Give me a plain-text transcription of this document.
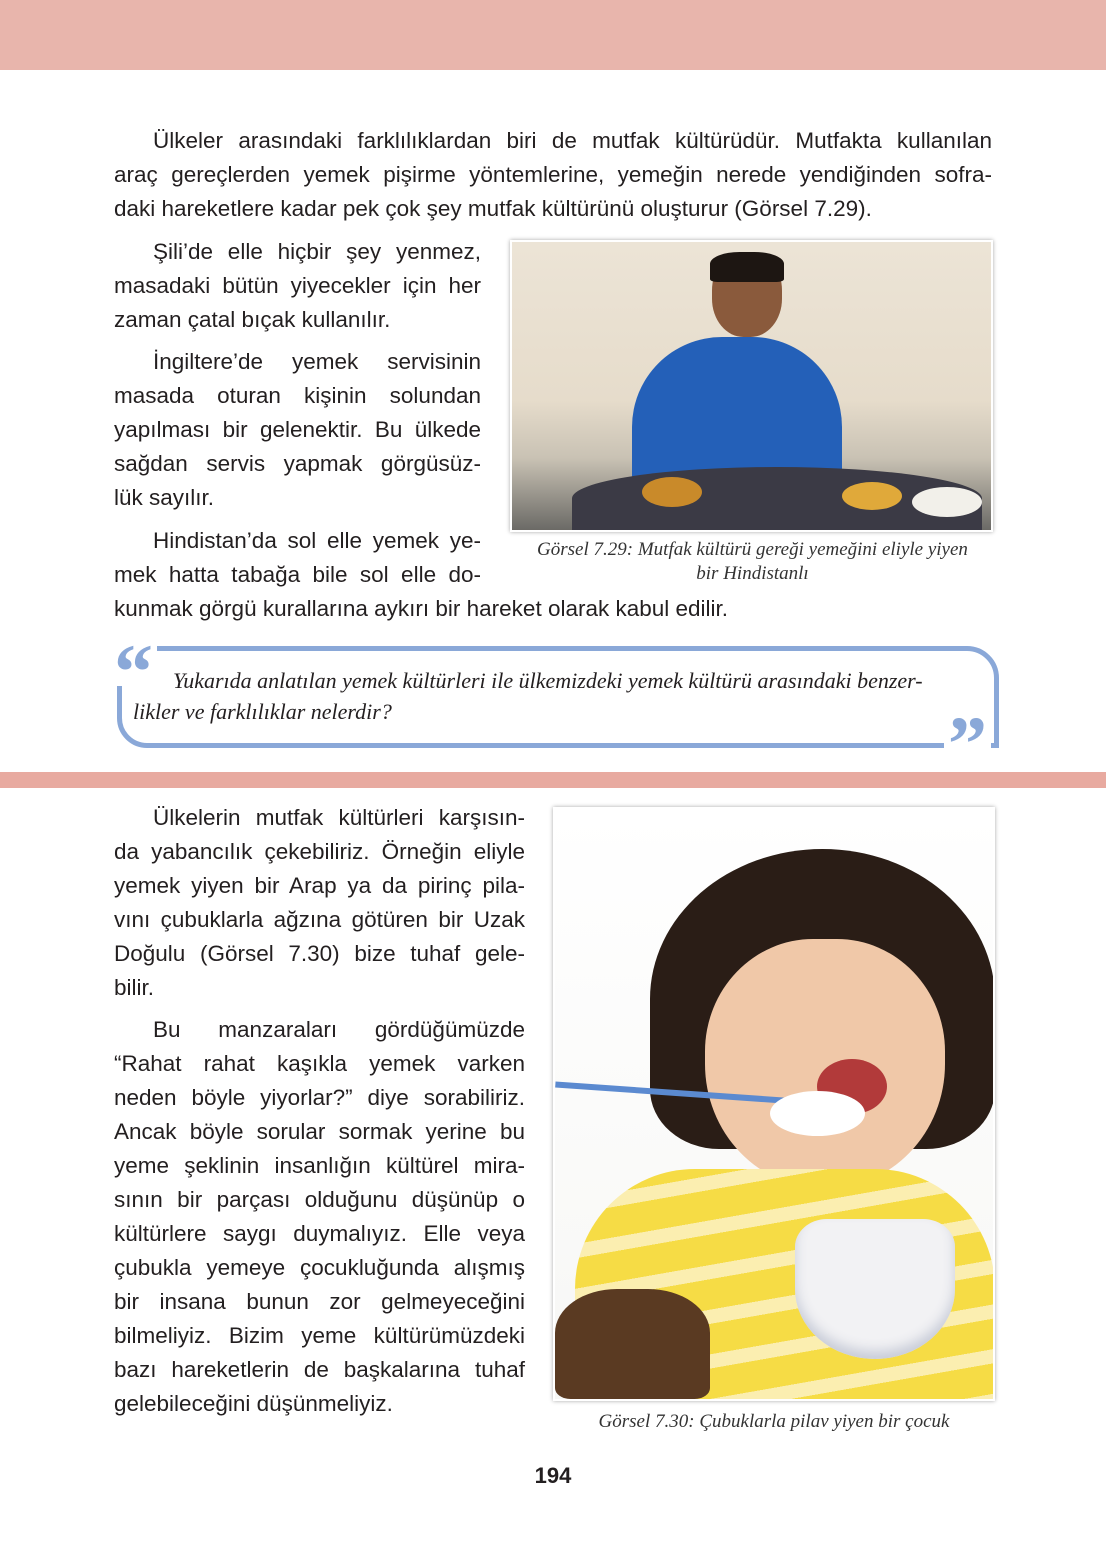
Ülkeler arasındaki farklılıklardan biri de mutfak kültürüdür. Mutfakta kullanılan
araç gereçlerden yemek pişirme yöntemlerine, yemeğin nerede yendiğinden sofra-
daki hareketlere kadar pek çok şey mutfak kültürünü oluşturur (Görsel 7.29).
Şili’de elle hiçbir şey yenmez,
masadaki bütün yiyecekler için her
zaman çatal bıçak kullanılır.
İngiltere’de yemek servisinin
masada oturan kişinin solundan
yapılması bir gelenektir. Bu ülkede
sağdan servis yapmak görgüsüz-
lük sayılır.
Hindistan’da sol elle yemek ye-
mek hatta tabağa bile sol elle do-
kunmak görgü kurallarına aykırı bir hareket olarak kabul edilir.
Görsel 7.29: Mutfak kültürü gereği yemeğini eliyle yiyen
bir Hindistanlı
“
”
Yukarıda anlatılan yemek kültürleri ile ülkemizdeki yemek kültürü arasındaki benzer-
likler ve farklılıklar nelerdir?
Ülkelerin mutfak kültürleri karşısın-
da yabancılık çekebiliriz. Örneğin eliyle
yemek yiyen bir Arap ya da pirinç pila-
vını çubuklarla ağzına götüren bir Uzak
Doğulu (Görsel 7.30) bize tuhaf gele-
bilir.
Bu manzaraları gördüğümüzde
“Rahat rahat kaşıkla yemek varken
neden böyle yiyorlar?” diye sorabiliriz.
Ancak böyle sorular sormak yerine bu
yeme şeklinin insanlığın kültürel mira-
sının bir parçası olduğunu düşünüp o
kültürlere saygı duymalıyız. Elle veya
çubukla yemeye çocukluğunda alışmış
bir insana bunun zor gelmeyeceğini
bilmeliyiz. Bizim yeme kültürümüzdeki
bazı hareketlerin de başkalarına tuhaf
gelebileceğini düşünmeliyiz.
Görsel 7.30: Çubuklarla pilav yiyen bir çocuk
194
